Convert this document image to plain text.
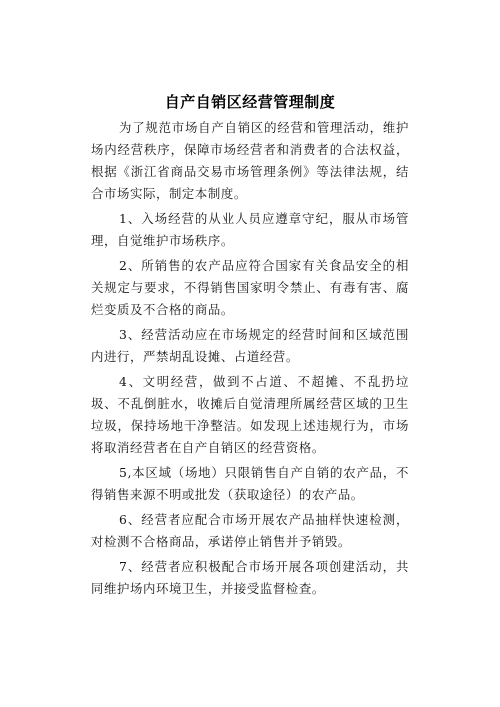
自产自销区经营管理制度

为了规范市场自产自销区的经营和管理活动，维护场内经营秩序，保障市场经营者和消费者的合法权益，根据《浙江省商品交易市场管理条例》等法律法规，结合市场实际，制定本制度。

1、入场经营的从业人员应遵章守纪，服从市场管理，自觉维护市场秩序。

2、所销售的农产品应符合国家有关食品安全的相关规定与要求，不得销售国家明令禁止、有毒有害、腐烂变质及不合格的商品。

3、经营活动应在市场规定的经营时间和区域范围内进行，严禁胡乱设摊、占道经营。

4、文明经营，做到不占道、不超摊、不乱扔垃圾、不乱倒脏水，收摊后自觉清理所属经营区域的卫生垃圾，保持场地干净整洁。如发现上述违规行为，市场将取消经营者在自产自销区的经营资格。

5,本区域（场地）只限销售自产自销的农产品，不得销售来源不明或批发（获取途径）的农产品。

6、经营者应配合市场开展农产品抽样快速检测，对检测不合格商品，承诺停止销售并予销毁。

7、经营者应积极配合市场开展各项创建活动，共同维护场内环境卫生，并接受监督检查。
